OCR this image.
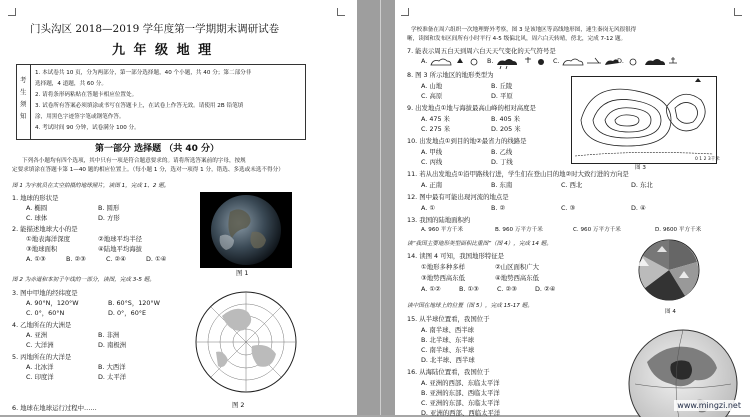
门头沟区 2018—2019 学年度第一学期期末调研试卷
九 年 级 地 理
考
生
须
知
1. 本试卷共 10 页，分为两部分，第一部分选择题，40 个小题，共 40 分；第二部分非
选择题，4 道题，共 60 分。
2. 请将条形码粘贴在答题卡相应位置处。
3. 试卷所有答案必须填涂或书写在答题卡上，在试卷上作答无效。请使用 2B 铅笔填
涂，用黑色字迹签字笔或钢笔作答。
4. 考试时间 90 分钟，试卷满分 100 分。
第一部分 选择题 （共 40 分）
下列各小题均有四个选项，其中只有一项是符合题意要求的。请将所选答案前的字母，按规
定要求填涂在答题卡第 1—40 题的相应位置上。（每小题 1 分，选对一项得 1 分，错选、多选或未选不得分）
图 1 为宇航员在太空拍摄的地球照片，读图 1，完成 1、2 题。
1. 地球的形状是
A. 椭圆	B. 圆形
C. 球体	D. 方形
2. 能描述地球大小的是
①地表海洋深度	②地球平均半径
③地球面积	④陆地平均海拔
A. ①③	B. ②③	C. ②④	D. ①④
图 1
图 2 为赤道和本初子午线的一部分，读图，完成 3-5 题。
3. 图中甲地的经纬度是
A. 90°N，120°W	B. 60°S，120°W
C. 0°，60°N	D. 0°，60°E
4. 乙地所在的大洲是
A. 亚洲	B. 非洲
C. 大洋洲	D. 南极洲
5. 丙地所在的大洋是
A. 北冰洋	B. 大西洋
C. 印度洋	D. 太平洋
6. 地球在地球运行过程中……	图 2
学校准备在周六组织一次地理野外考察，图 3 是该地区等高线地形图，速生秦岗无风很很得
晰，读图和发布区间所有小时平行 4-5 级偏北风，周六白天转晴，傍北，完成 7-12 题。
7. 能表示周五白天到周六白天天气变化的天气符号是
A.	B.	C.	D.
8. 图 3 所示地区的地形类型为
A. 山地	B. 丘陵
C. 高原	D. 平原
9. 出发地点①地与海拔最高山峰的相对高度是
A. 475 米	B. 405 米
C. 275 米	D. 205 米
10. 出发地点①到目的地②最省力的线路是
A. 甲线	B. 乙线
C. 丙线	D. 丁线	0 1 2 3千米
图 3
11. 若从出发地点①沿甲路线行进，学生们在登山目的地②时大致行进的方向是
A. 正南	B. 东南	C. 西北	D. 东北
12. 图中最有可能出现河流的地点是
A. ①	B. ②	C. ③	D. ④
13. 我国的陆地面积约
A. 960 平方千米	B. 960 万平方千米	C. 960 万平方千米	D. 9600 平方千米
读“我国主要地形类型面积比重图”（图 4），完成 14 题。
14. 读图 4 可知，我国地形特征是
①地形多种多样	②山区面积广大
③地势西高东低	④地势西高东低
A. ①②	B. ①③	C. ②③	D. ②④
图 4
读中国在地球上的位置（图 5），完成 15-17 题。
15. 从半球位置看，我国位于
A. 南半球、西半球
B. 北半球、东半球
C. 南半球、东半球
D. 北半球、西半球
16. 从海陆位置看，我国位于
A. 亚洲的西部、东临太平洋
B. 亚洲的东部、西临太平洋
C. 亚洲的东部、东临太平洋
D. 亚洲的西部、西临太平洋
www.mingzi.net
